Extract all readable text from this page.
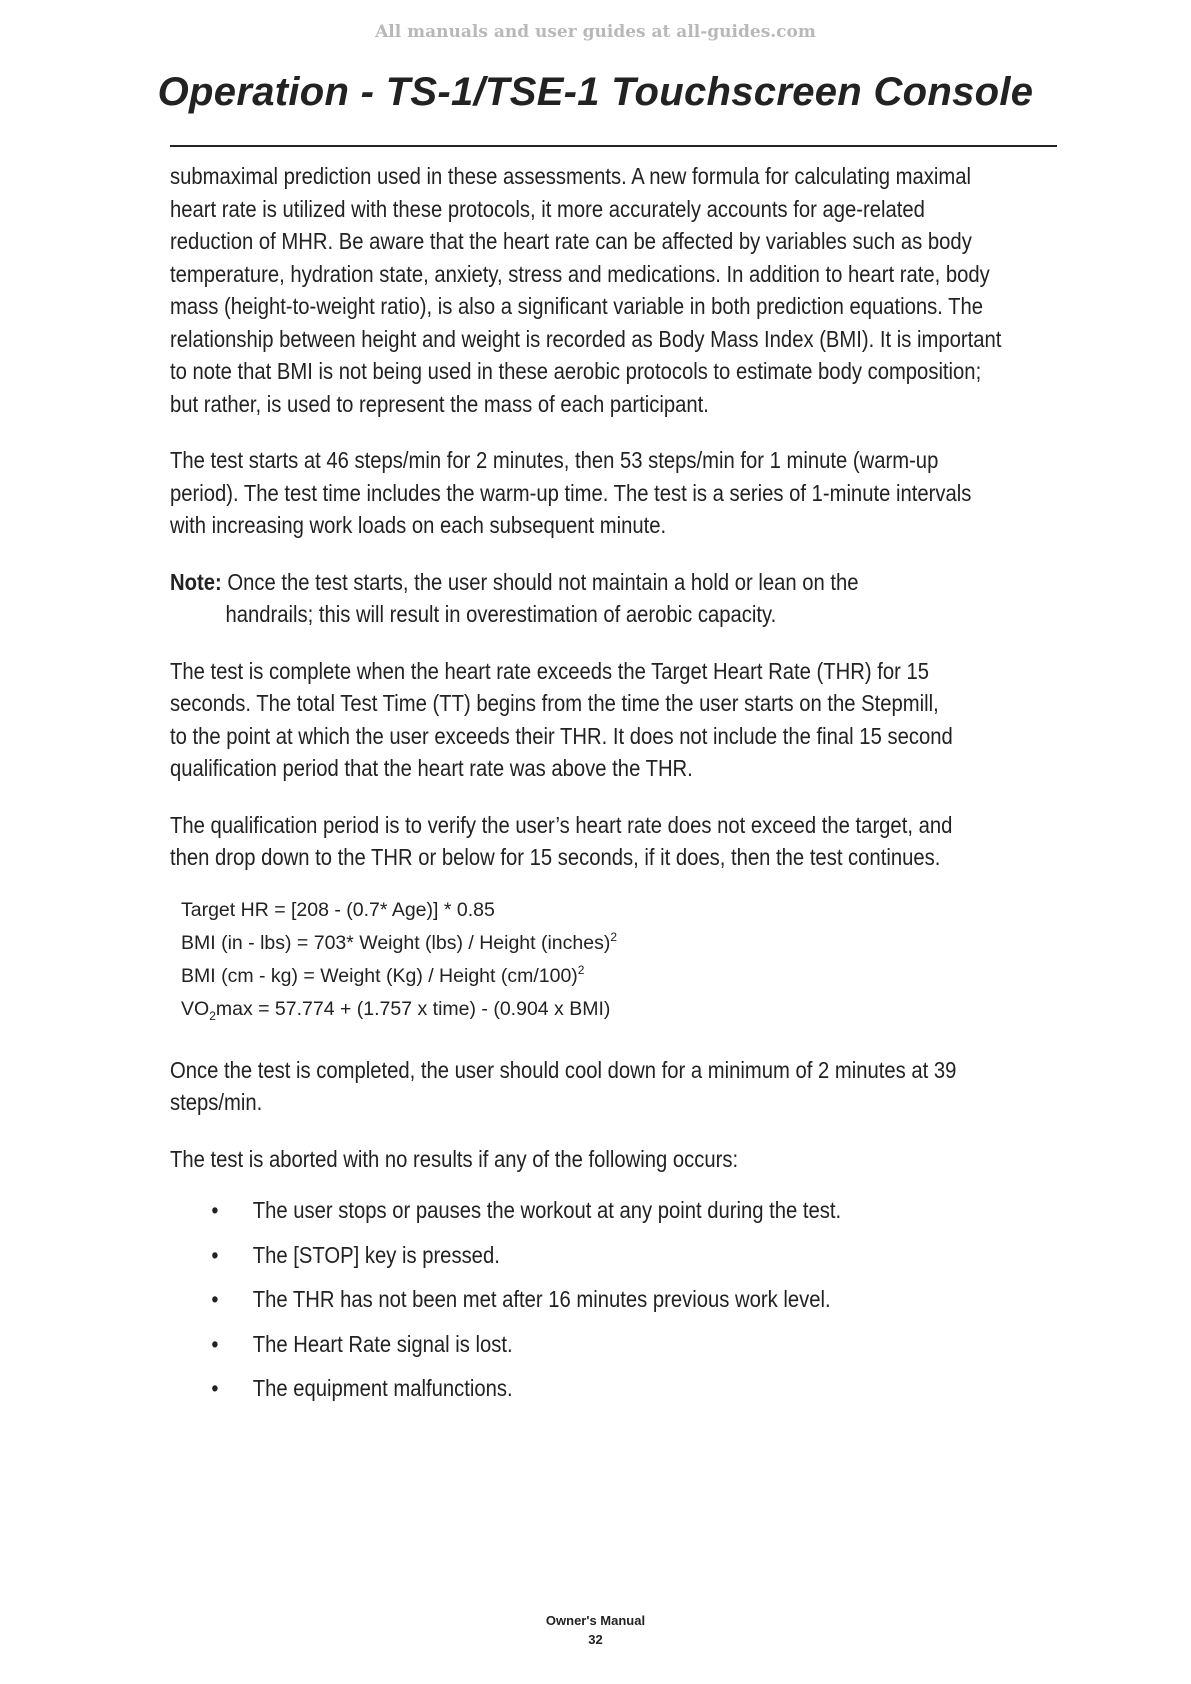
All manuals and user guides at all-guides.com
Operation - TS-1/TSE-1 Touchscreen Console

submaximal prediction used in these assessments. A new formula for calculating maximal
heart rate is utilized with these protocols, it more accurately accounts for age-related
reduction of MHR. Be aware that the heart rate can be affected by variables such as body
temperature, hydration state, anxiety, stress and medications. In addition to heart rate, body
mass (height-to-weight ratio), is also a significant variable in both prediction equations. The
relationship between height and weight is recorded as Body Mass Index (BMI). It is important
to note that BMI is not being used in these aerobic protocols to estimate body composition;
but rather, is used to represent the mass of each participant.

The test starts at 46 steps/min for 2 minutes, then 53 steps/min for 1 minute (warm-up
period). The test time includes the warm-up time. The test is a series of 1-minute intervals
with increasing work loads on each subsequent minute.

Note: Once the test starts, the user should not maintain a hold or lean on the
handrails; this will result in overestimation of aerobic capacity.

The test is complete when the heart rate exceeds the Target Heart Rate (THR) for 15
seconds. The total Test Time (TT) begins from the time the user starts on the Stepmill,
to the point at which the user exceeds their THR. It does not include the final 15 second
qualification period that the heart rate was above the THR.

The qualification period is to verify the user’s heart rate does not exceed the target, and
then drop down to the THR or below for 15 seconds, if it does, then the test continues.

Target HR = [208 - (0.7* Age)] * 0.85
BMI (in - lbs) = 703* Weight (lbs) / Height (inches)$^2$
BMI (cm - kg) = Weight (Kg) / Height $(cm/100)^2$
$VO_2\max = 57.774 + (1.757$ x time) - (0.904 x BMI)

Once the test is completed, the user should cool down for a minimum of 2 minutes at 39
steps/min.

The test is aborted with no results if any of the following occurs:

• The user stops or pauses the workout at any point during the test.
• The [STOP] key is pressed.
• The THR has not been met after 16 minutes previous work level.
• The Heart Rate signal is lost.
• The equipment malfunctions.
Owner's Manual
32
